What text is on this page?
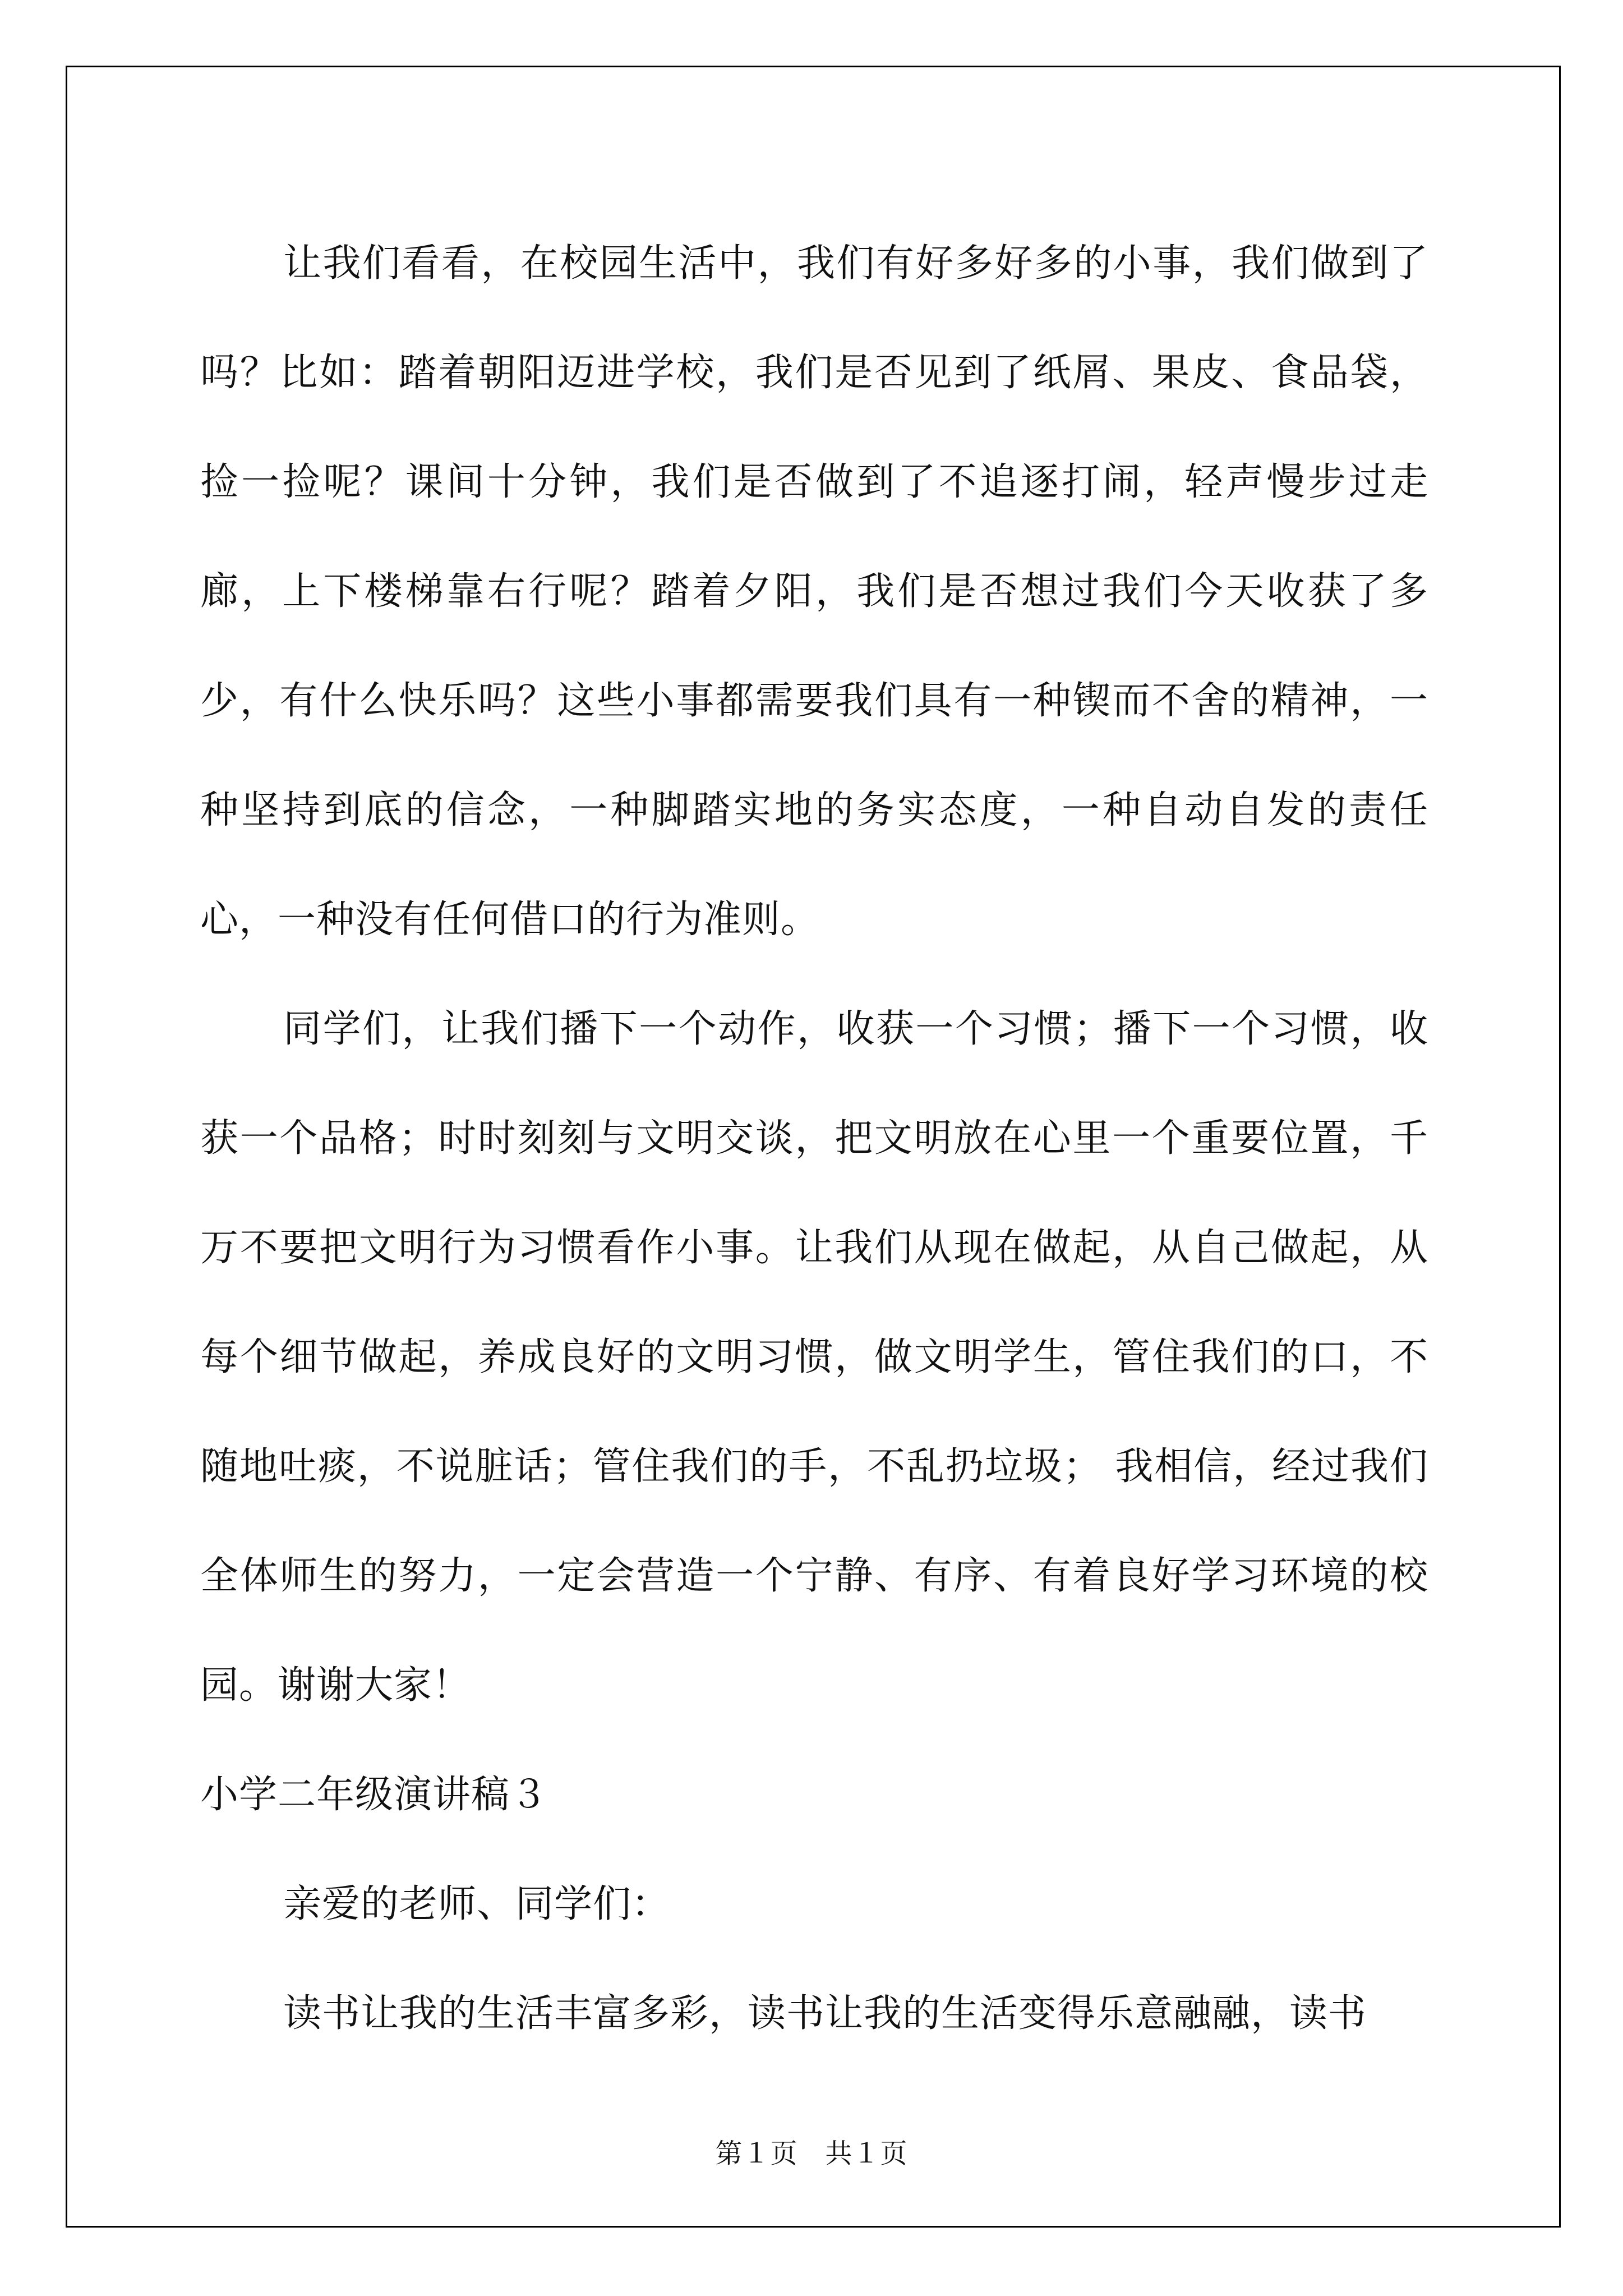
让我们看看，在校园生活中，我们有好多好多的小事，我们做到了吗？比如：踏着朝阳迈进学校，我们是否见到了纸屑、果皮、食品袋，捡一捡呢？课间十分钟，我们是否做到了不追逐打闹，轻声慢步过走廊，上下楼梯靠右行呢？踏着夕阳，我们是否想过我们今天收获了多少，有什么快乐吗？这些小事都需要我们具有一种锲而不舍的精神，一种坚持到底的信念，一种脚踏实地的务实态度，一种自动自发的责任心，一种没有任何借口的行为准则。

同学们，让我们播下一个动作，收获一个习惯；播下一个习惯，收获一个品格；时时刻刻与文明交谈，把文明放在心里一个重要位置，千万不要把文明行为习惯看作小事。让我们从现在做起，从自己做起，从每个细节做起，养成良好的文明习惯，做文明学生，管住我们的口，不随地吐痰，不说脏话；管住我们的手，不乱扔垃圾； 我相信，经过我们全体师生的努力，一定会营造一个宁静、有序、有着良好学习环境的校园。谢谢大家！

小学二年级演讲稿３

亲爱的老师、同学们：

读书让我的生活丰富多彩，读书让我的生活变得乐意融融，读书

第１页　共１页
